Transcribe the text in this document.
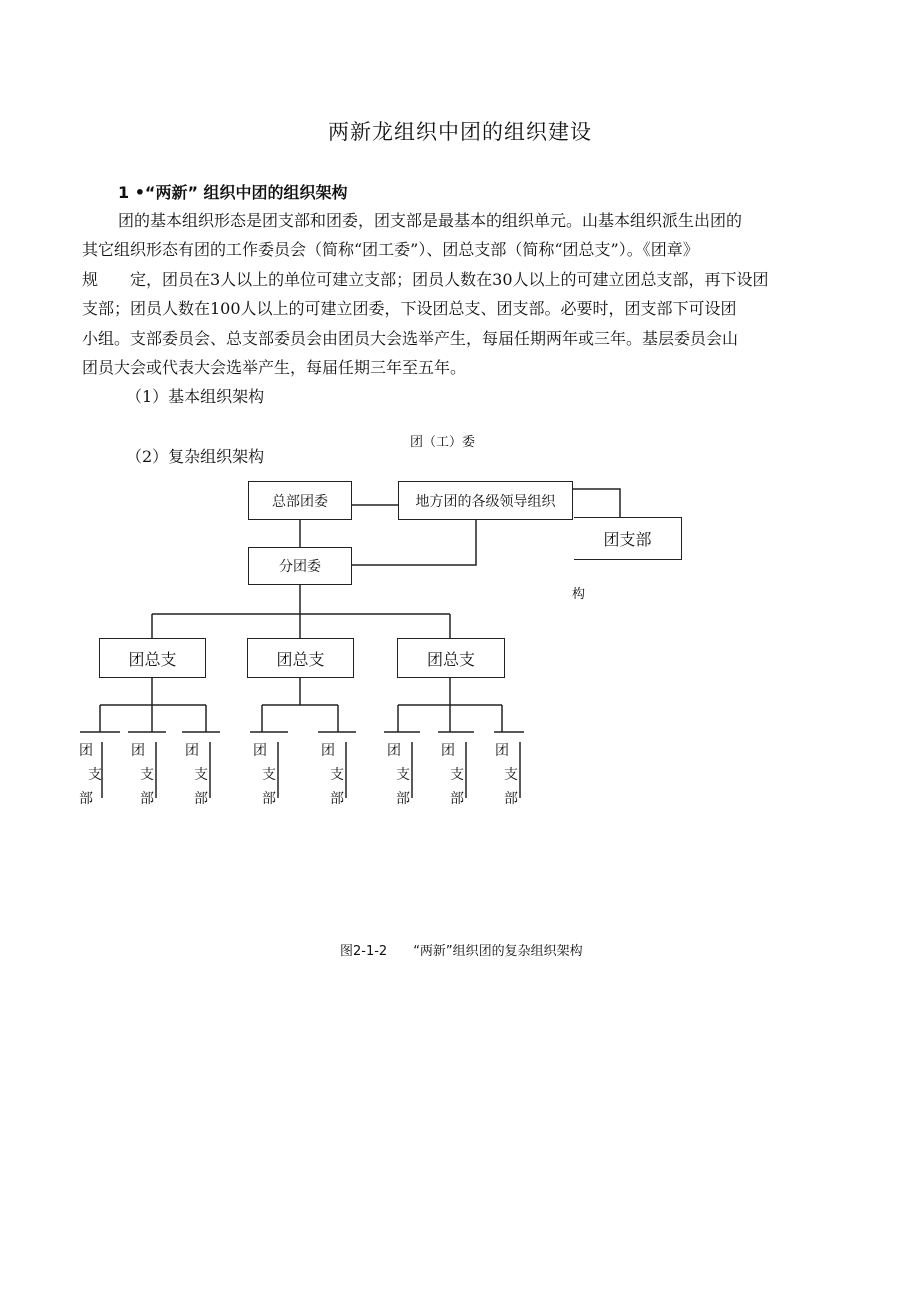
两新龙组织中团的组织建设
1 •“两新” 组织中团的组织架构
团的基本组织形态是团支部和团委，团支部是最基本的组织单元。山基本组织派生出团的
其它组织形态有团的工作委员会（简称“团工委”）、团总支部（简称“团总支”）。《团章》
规　　定，团员在3人以上的单位可建立支部；团员人数在30人以上的可建立团总支部，再下设团
支部；团员人数在100人以上的可建立团委，下设团总支、团支部。必要时，团支部下可设团
小组。支部委员会、总支部委员会由团员大会选举产生，每届任期两年或三年。基层委员会山
团员大会或代表大会选举产生，每届任期三年至五年。
（1）基本组织架构
团（工）委
（2）复杂组织架构
总部团委	地方团的各级领导组织
团支部
构
分团委
团总支	团总支	团总支
团
支
部
团
支
部
团
支
部
团
支
部
团
支
部
团
支
部
团
支
部
团
支
部
图2-1-2　　“两新”组织团的复杂组织架构
